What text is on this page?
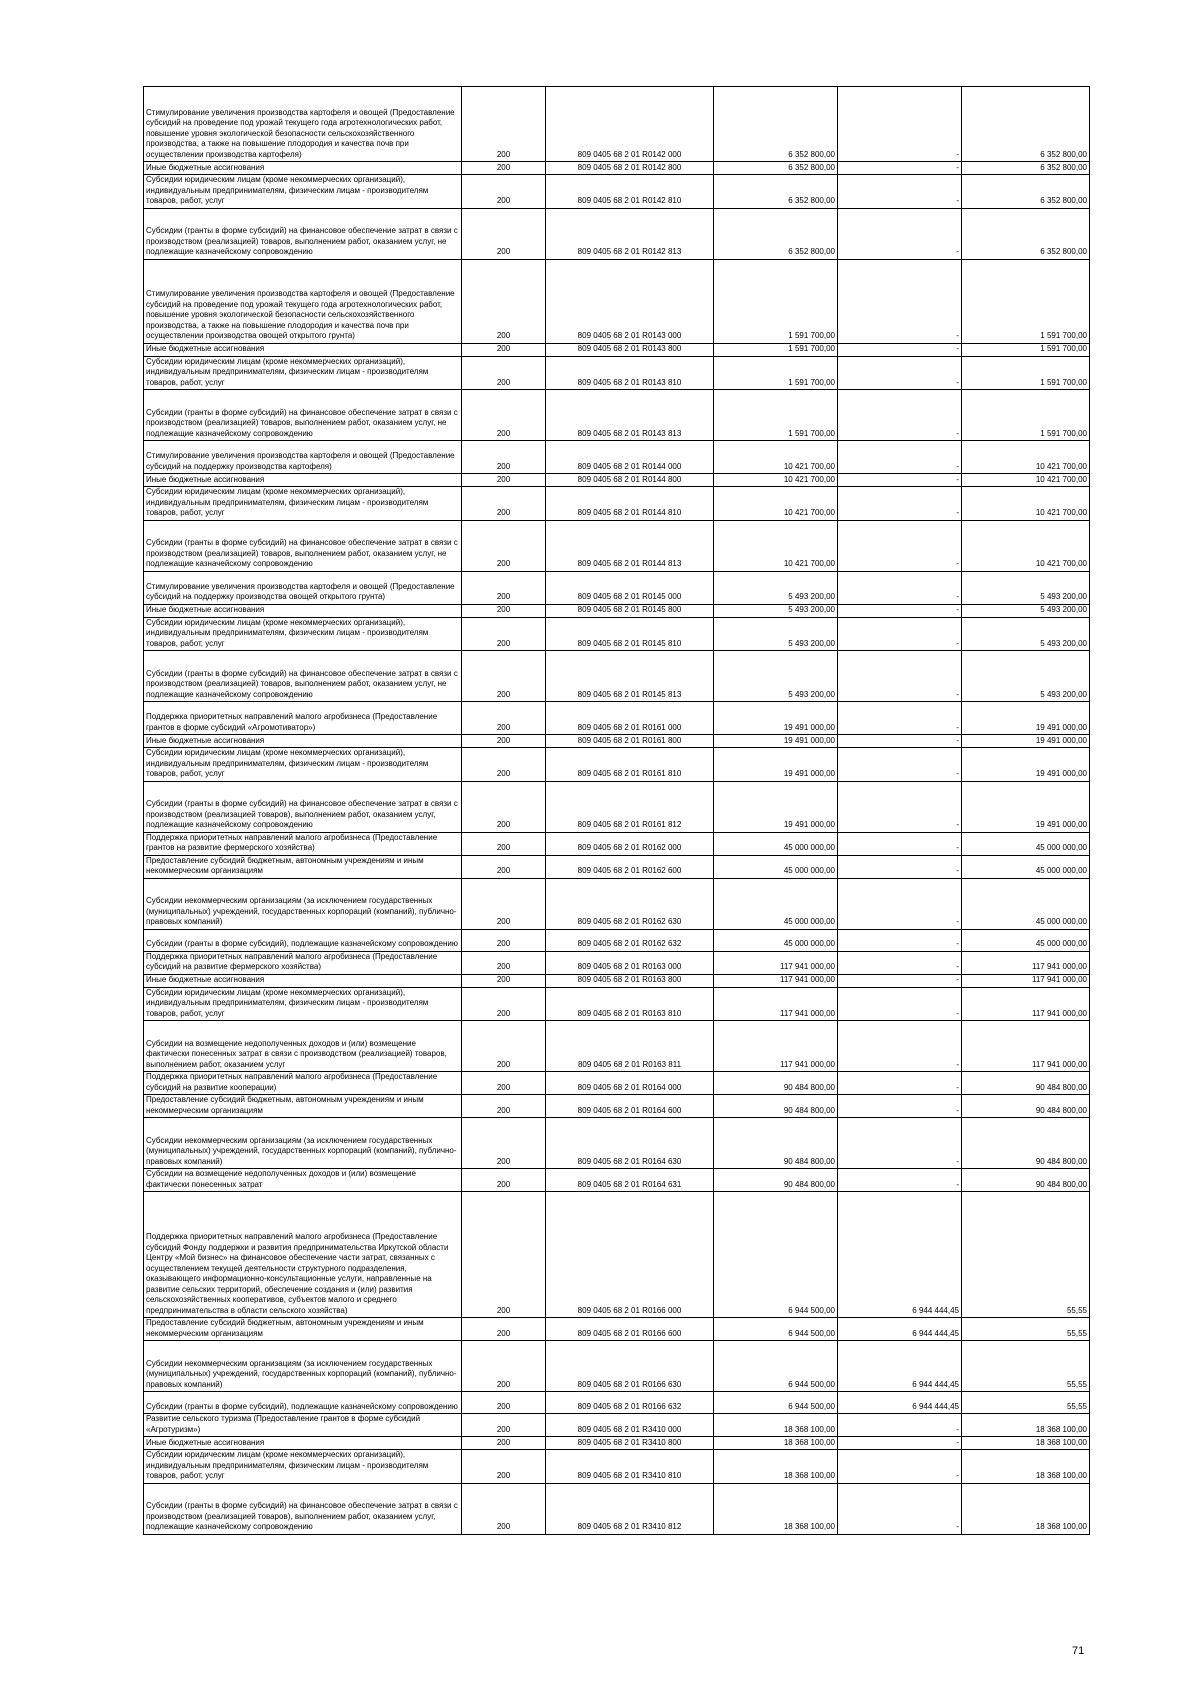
Стимулирование увеличения производства картофеля и овощей (Предоставление субсидий на проведение под урожай текущего года агротехнологических работ, повышение уровня экологической безопасности сельскохозяйственного производства, а также на повышение плодородия и качества почв при осуществлении производства картофеля)	200	809 0405 68 2 01 R0142 000	6 352 800,00	-	6 352 800,00
Иные бюджетные ассигнования	200	809 0405 68 2 01 R0142 800	6 352 800,00	-	6 352 800,00
Субсидии юридическим лицам (кроме некоммерческих организаций), индивидуальным предпринимателям, физическим лицам - производителям товаров, работ, услуг	200	809 0405 68 2 01 R0142 810	6 352 800,00	-	6 352 800,00
Субсидии (гранты в форме субсидий) на финансовое обеспечение затрат в связи с производством (реализацией) товаров, выполнением работ, оказанием услуг, не подлежащие казначейскому сопровождению	200	809 0405 68 2 01 R0142 813	6 352 800,00	-	6 352 800,00
Стимулирование увеличения производства картофеля и овощей (Предоставление субсидий на проведение под урожай текущего года агротехнологических работ, повышение уровня экологической безопасности сельскохозяйственного производства, а также на повышение плодородия и качества почв при осуществлении производства овощей открытого грунта)	200	809 0405 68 2 01 R0143 000	1 591 700,00	-	1 591 700,00
Иные бюджетные ассигнования	200	809 0405 68 2 01 R0143 800	1 591 700,00	-	1 591 700,00
Субсидии юридическим лицам (кроме некоммерческих организаций), индивидуальным предпринимателям, физическим лицам - производителям товаров, работ, услуг	200	809 0405 68 2 01 R0143 810	1 591 700,00	-	1 591 700,00
Субсидии (гранты в форме субсидий) на финансовое обеспечение затрат в связи с производством (реализацией) товаров, выполнением работ, оказанием услуг, не подлежащие казначейскому сопровождению	200	809 0405 68 2 01 R0143 813	1 591 700,00	-	1 591 700,00
Стимулирование увеличения производства картофеля и овощей (Предоставление субсидий на поддержку производства картофеля)	200	809 0405 68 2 01 R0144 000	10 421 700,00	-	10 421 700,00
Иные бюджетные ассигнования	200	809 0405 68 2 01 R0144 800	10 421 700,00	-	10 421 700,00
Субсидии юридическим лицам (кроме некоммерческих организаций), индивидуальным предпринимателям, физическим лицам - производителям товаров, работ, услуг	200	809 0405 68 2 01 R0144 810	10 421 700,00	-	10 421 700,00
Субсидии (гранты в форме субсидий) на финансовое обеспечение затрат в связи с производством (реализацией) товаров, выполнением работ, оказанием услуг, не подлежащие казначейскому сопровождению	200	809 0405 68 2 01 R0144 813	10 421 700,00	-	10 421 700,00
Стимулирование увеличения производства картофеля и овощей (Предоставление субсидий на поддержку производства овощей открытого грунта)	200	809 0405 68 2 01 R0145 000	5 493 200,00	-	5 493 200,00
Иные бюджетные ассигнования	200	809 0405 68 2 01 R0145 800	5 493 200,00	-	5 493 200,00
Субсидии юридическим лицам (кроме некоммерческих организаций), индивидуальным предпринимателям, физическим лицам - производителям товаров, работ, услуг	200	809 0405 68 2 01 R0145 810	5 493 200,00	-	5 493 200,00
Субсидии (гранты в форме субсидий) на финансовое обеспечение затрат в связи с производством (реализацией) товаров, выполнением работ, оказанием услуг, не подлежащие казначейскому сопровождению	200	809 0405 68 2 01 R0145 813	5 493 200,00	-	5 493 200,00
Поддержка приоритетных направлений малого агробизнеса (Предоставление грантов в форме субсидий «Агромотиватор»)	200	809 0405 68 2 01 R0161 000	19 491 000,00	-	19 491 000,00
Иные бюджетные ассигнования	200	809 0405 68 2 01 R0161 800	19 491 000,00	-	19 491 000,00
Субсидии юридическим лицам (кроме некоммерческих организаций), индивидуальным предпринимателям, физическим лицам - производителям товаров, работ, услуг	200	809 0405 68 2 01 R0161 810	19 491 000,00	-	19 491 000,00
Субсидии (гранты в форме субсидий) на финансовое обеспечение затрат в связи с производством (реализацией товаров), выполнением работ, оказанием услуг, подлежащие казначейскому сопровождению	200	809 0405 68 2 01 R0161 812	19 491 000,00	-	19 491 000,00
Поддержка приоритетных направлений малого агробизнеса (Предоставление грантов на развитие фермерского хозяйства)	200	809 0405 68 2 01 R0162 000	45 000 000,00	-	45 000 000,00
Предоставление субсидий бюджетным, автономным учреждениям и иным некоммерческим организациям	200	809 0405 68 2 01 R0162 600	45 000 000,00	-	45 000 000,00
Субсидии некоммерческим организациям (за исключением государственных (муниципальных) учреждений, государственных корпораций (компаний), публично-правовых компаний)	200	809 0405 68 2 01 R0162 630	45 000 000,00	-	45 000 000,00
Субсидии (гранты в форме субсидий), подлежащие казначейскому сопровождению	200	809 0405 68 2 01 R0162 632	45 000 000,00	-	45 000 000,00
Поддержка приоритетных направлений малого агробизнеса (Предоставление субсидий на развитие фермерского хозяйства)	200	809 0405 68 2 01 R0163 000	117 941 000,00	-	117 941 000,00
Иные бюджетные ассигнования	200	809 0405 68 2 01 R0163 800	117 941 000,00	-	117 941 000,00
Субсидии юридическим лицам (кроме некоммерческих организаций), индивидуальным предпринимателям, физическим лицам - производителям товаров, работ, услуг	200	809 0405 68 2 01 R0163 810	117 941 000,00	-	117 941 000,00
Субсидии на возмещение недополученных доходов и (или) возмещение фактически понесенных затрат в связи с производством (реализацией) товаров, выполнением работ, оказанием услуг	200	809 0405 68 2 01 R0163 811	117 941 000,00	-	117 941 000,00
Поддержка приоритетных направлений малого агробизнеса (Предоставление субсидий на развитие кооперации)	200	809 0405 68 2 01 R0164 000	90 484 800,00	-	90 484 800,00
Предоставление субсидий бюджетным, автономным учреждениям и иным некоммерческим организациям	200	809 0405 68 2 01 R0164 600	90 484 800,00	-	90 484 800,00
Субсидии некоммерческим организациям (за исключением государственных (муниципальных) учреждений, государственных корпораций (компаний), публично-правовых компаний)	200	809 0405 68 2 01 R0164 630	90 484 800,00	-	90 484 800,00
Субсидии на возмещение недополученных доходов и (или) возмещение фактически понесенных затрат	200	809 0405 68 2 01 R0164 631	90 484 800,00	-	90 484 800,00
Поддержка приоритетных направлений малого агробизнеса (Предоставление субсидий Фонду поддержки и развития предпринимательства Иркутской области Центру «Мой бизнес» на финансовое обеспечение части затрат, связанных с осуществлением текущей деятельности структурного подразделения, оказывающего информационно-консультационные услуги, направленные на развитие сельских территорий, обеспечение создания и (или) развития сельскохозяйственных кооперативов, субъектов малого и среднего предпринимательства в области сельского хозяйства)	200	809 0405 68 2 01 R0166 000	6 944 500,00	6 944 444,45	55,55
Предоставление субсидий бюджетным, автономным учреждениям и иным некоммерческим организациям	200	809 0405 68 2 01 R0166 600	6 944 500,00	6 944 444,45	55,55
Субсидии некоммерческим организациям (за исключением государственных (муниципальных) учреждений, государственных корпораций (компаний), публично-правовых компаний)	200	809 0405 68 2 01 R0166 630	6 944 500,00	6 944 444,45	55,55
Субсидии (гранты в форме субсидий), подлежащие казначейскому сопровождению	200	809 0405 68 2 01 R0166 632	6 944 500,00	6 944 444,45	55,55
Развитие сельского туризма (Предоставление грантов в форме субсидий «Агротуризм»)	200	809 0405 68 2 01 R3410 000	18 368 100,00	-	18 368 100,00
Иные бюджетные ассигнования	200	809 0405 68 2 01 R3410 800	18 368 100,00	-	18 368 100,00
Субсидии юридическим лицам (кроме некоммерческих организаций), индивидуальным предпринимателям, физическим лицам - производителям товаров, работ, услуг	200	809 0405 68 2 01 R3410 810	18 368 100,00	-	18 368 100,00
Субсидии (гранты в форме субсидий) на финансовое обеспечение затрат в связи с производством (реализацией товаров), выполнением работ, оказанием услуг, подлежащие казначейскому сопровождению	200	809 0405 68 2 01 R3410 812	18 368 100,00	-	18 368 100,00
71
